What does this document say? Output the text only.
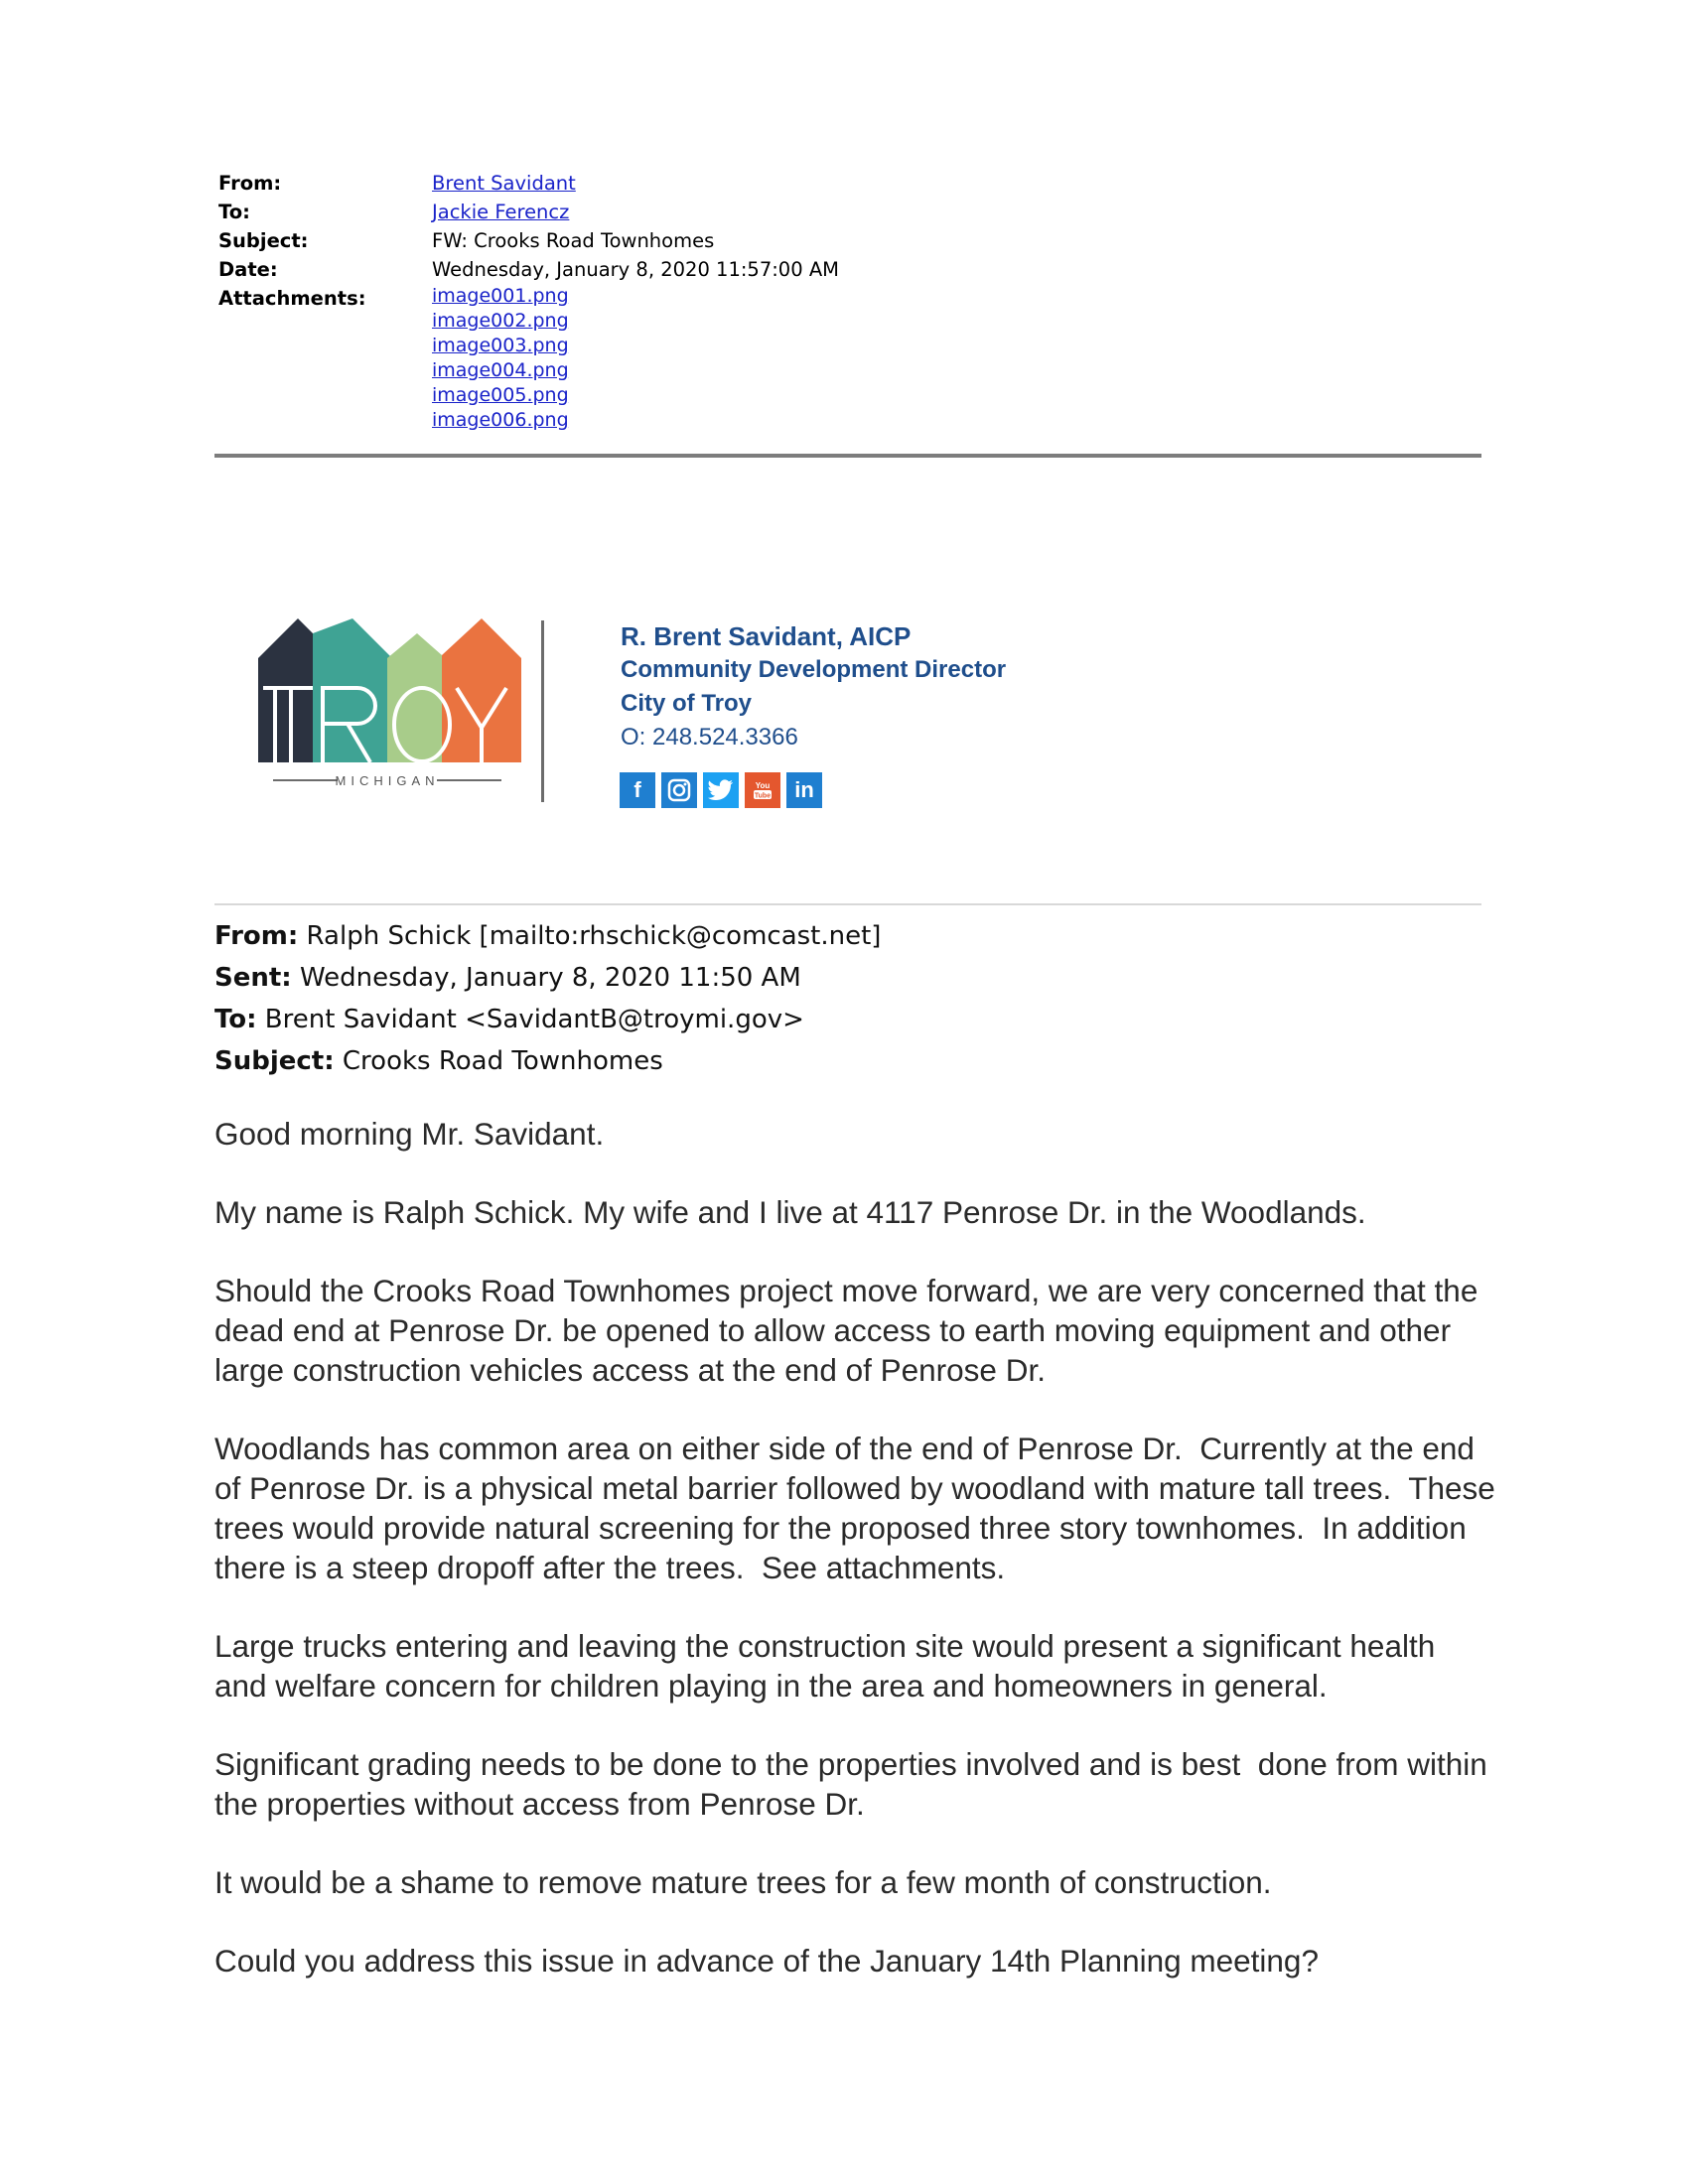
From:	Brent Savidant
To:	Jackie Ferencz
Subject:	FW: Crooks Road Townhomes
Date:	Wednesday, January 8, 2020 11:57:00 AM
Attachments:	image001.png
image002.png
image003.png
image004.png
image005.png
image006.png
MICHIGAN
R. Brent Savidant, AICP
Community Development Director
City of Troy
O: 248.524.3366
f	You
Tube	in
From: Ralph Schick [mailto:rhschick@comcast.net]
Sent: Wednesday, January 8, 2020 11:50 AM
To: Brent Savidant <SavidantB@troymi.gov>
Subject: Crooks Road Townhomes

Good morning Mr. Savidant.

My name is Ralph Schick. My wife and I live at 4117 Penrose Dr. in the Woodlands.

Should the Crooks Road Townhomes project move forward, we are very concerned that the dead end at Penrose Dr. be opened to allow access to earth moving equipment and other large construction vehicles access at the end of Penrose Dr.

Woodlands has common area on either side of the end of Penrose Dr.  Currently at the end of Penrose Dr. is a physical metal barrier followed by woodland with mature tall trees.  These trees would provide natural screening for the proposed three story townhomes.  In addition there is a steep dropoff after the trees.  See attachments.

Large trucks entering and leaving the construction site would present a significant health and welfare concern for children playing in the area and homeowners in general.

Significant grading needs to be done to the properties involved and is best  done from within the properties without access from Penrose Dr.

It would be a shame to remove mature trees for a few month of construction.

Could you address this issue in advance of the January 14th Planning meeting?
